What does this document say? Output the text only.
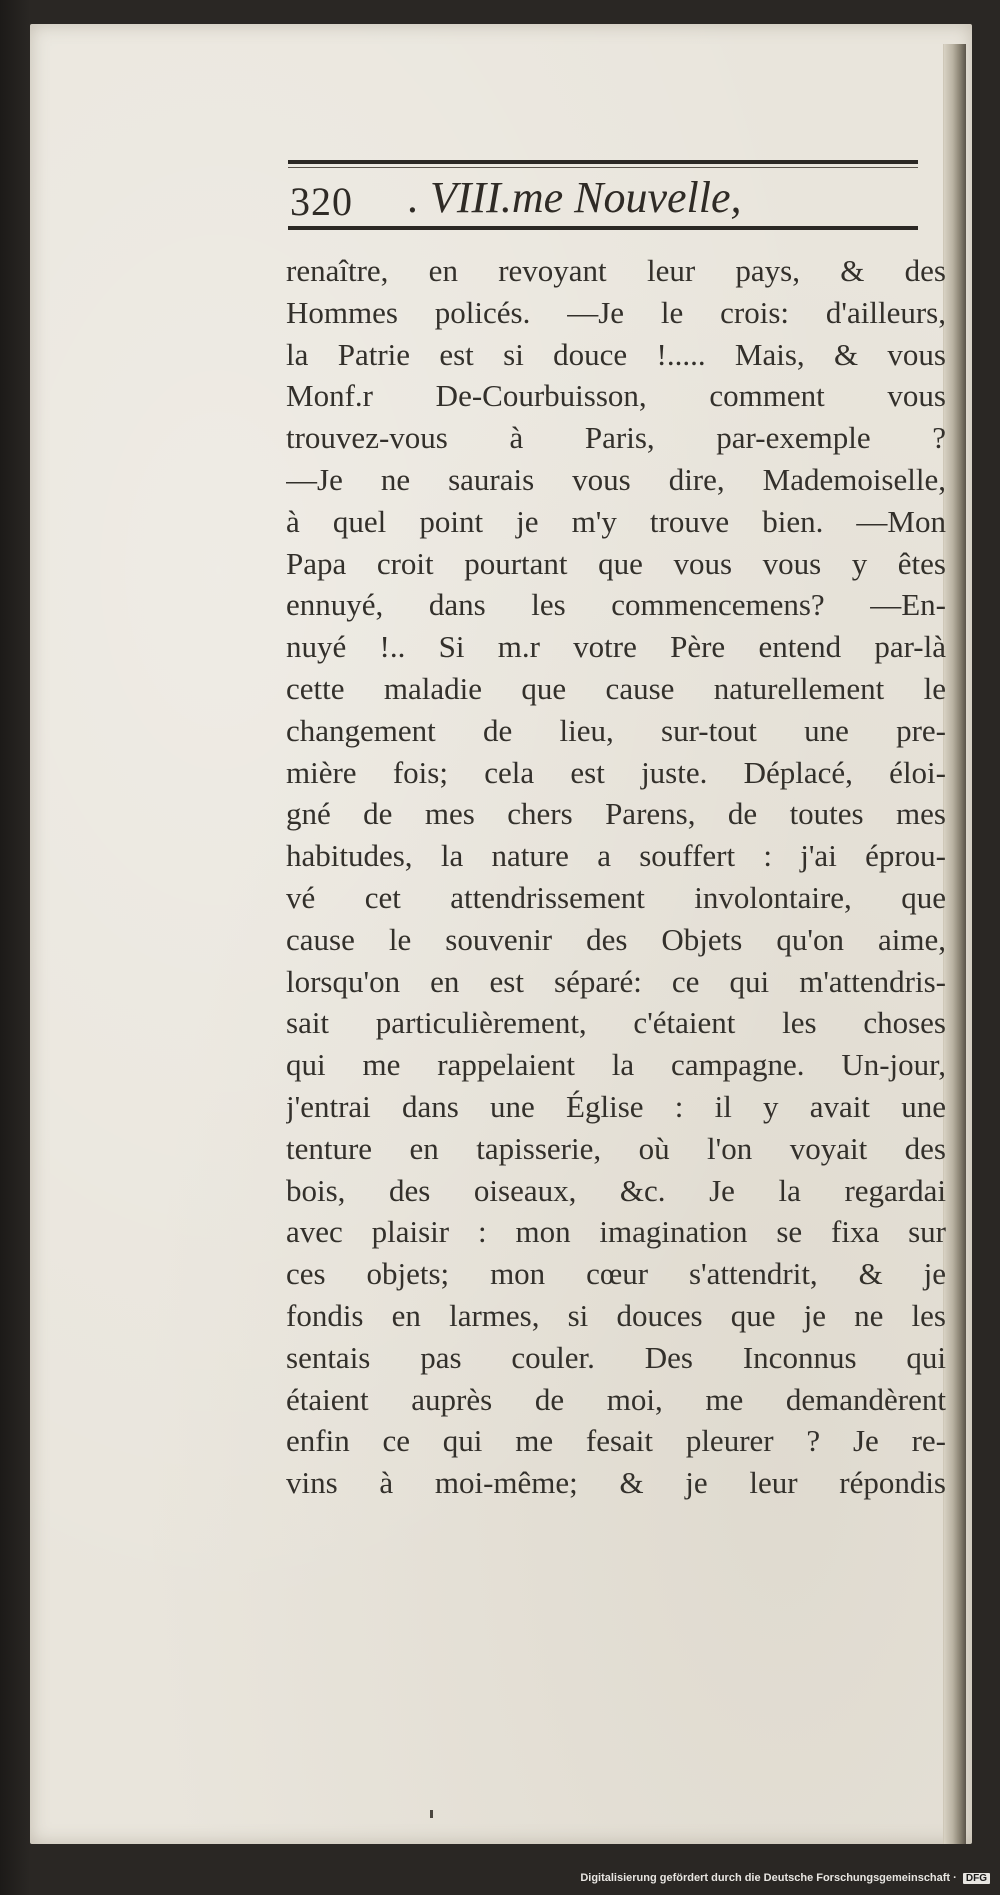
320 . VIII.me Nouvelle,
renaître, en revoyant leur pays, & des
Hommes policés. —Je le crois: d'ailleurs,
la Patrie est si douce !..... Mais, & vous
Monf.r De-Courbuisson, comment vous
trouvez-vous à Paris, par-exemple ?
—Je ne saurais vous dire, Mademoiselle,
à quel point je m'y trouve bien. —Mon
Papa croit pourtant que vous vous y êtes
ennuyé, dans les commencemens? —En-
nuyé !.. Si m.r votre Père entend par-là
cette maladie que cause naturellement le
changement de lieu, sur-tout une pre-
mière fois; cela est juste. Déplacé, éloi-
gné de mes chers Parens, de toutes mes
habitudes, la nature a souffert : j'ai éprou-
vé cet attendrissement involontaire, que
cause le souvenir des Objets qu'on aime,
lorsqu'on en est séparé: ce qui m'attendris-
sait particulièrement, c'étaient les choses
qui me rappelaient la campagne. Un-jour,
j'entrai dans une Église : il y avait une
tenture en tapisserie, où l'on voyait des
bois, des oiseaux, &c. Je la regardai
avec plaisir : mon imagination se fixa sur
ces objets; mon cœur s'attendrit, & je
fondis en larmes, si douces que je ne les
sentais pas couler. Des Inconnus qui
étaient auprès de moi, me demandèrent
enfin ce qui me fesait pleurer ? Je re-
vins à moi-même; & je leur répondis
Digitalisierung gefördert durch die Deutsche Forschungsgemeinschaft · DFG
